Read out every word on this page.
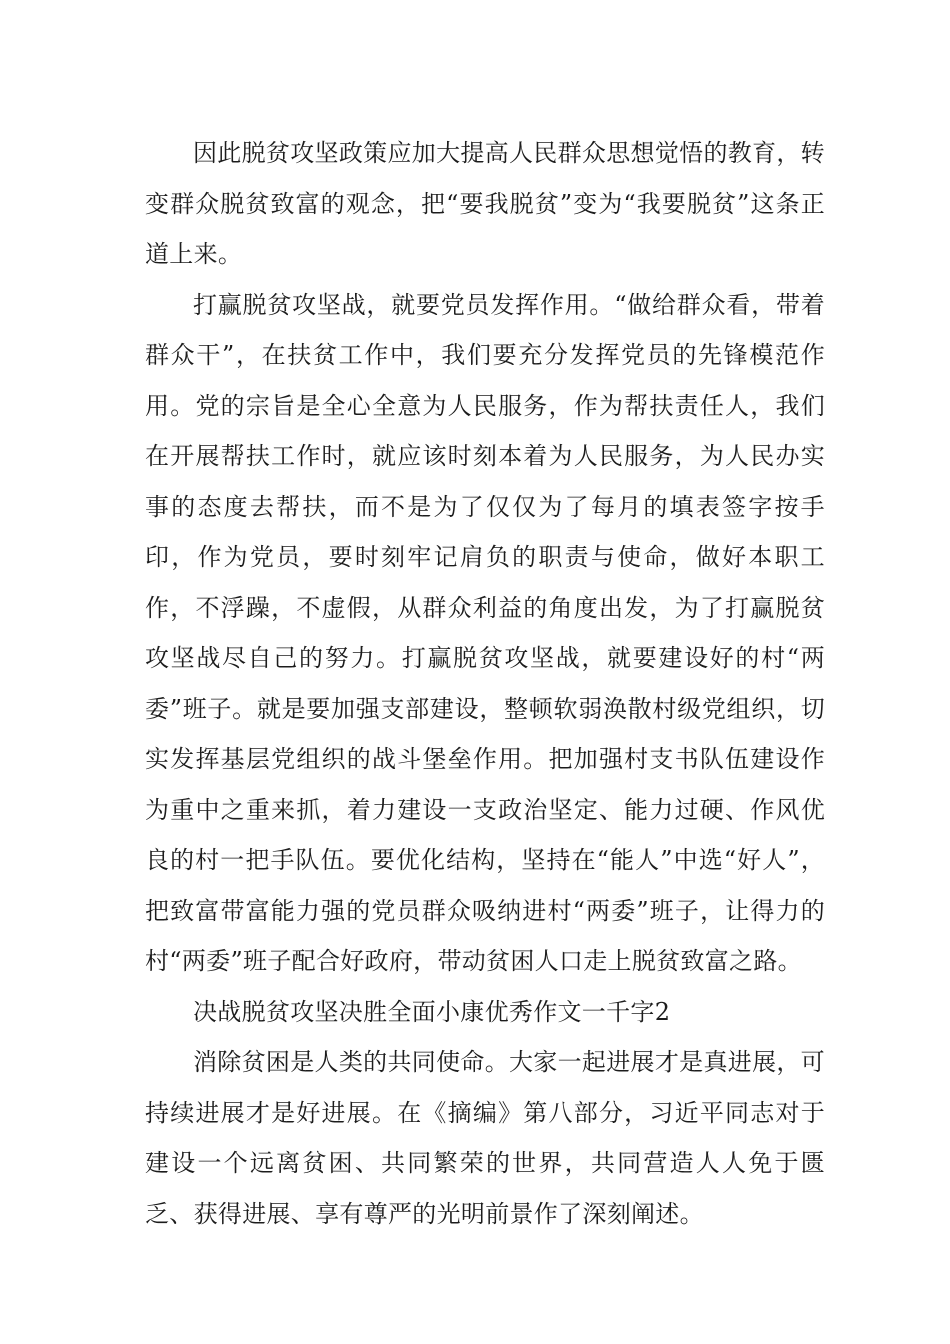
因此脱贫攻坚政策应加大提高人民群众思想觉悟的教育，转变群众脱贫致富的观念，把“要我脱贫”变为“我要脱贫”这条正道上来。

打赢脱贫攻坚战，就要党员发挥作用。“做给群众看，带着群众干”，在扶贫工作中，我们要充分发挥党员的先锋模范作用。党的宗旨是全心全意为人民服务，作为帮扶责任人，我们在开展帮扶工作时，就应该时刻本着为人民服务，为人民办实事的态度去帮扶，而不是为了仅仅为了每月的填表签字按手印，作为党员，要时刻牢记肩负的职责与使命，做好本职工作，不浮躁，不虚假，从群众利益的角度出发，为了打赢脱贫攻坚战尽自己的努力。打赢脱贫攻坚战，就要建设好的村“两委”班子。就是要加强支部建设，整顿软弱涣散村级党组织，切实发挥基层党组织的战斗堡垒作用。把加强村支书队伍建设作为重中之重来抓，着力建设一支政治坚定、能力过硬、作风优良的村一把手队伍。要优化结构，坚持在“能人”中选“好人”，把致富带富能力强的党员群众吸纳进村“两委”班子，让得力的村“两委”班子配合好政府，带动贫困人口走上脱贫致富之路。

决战脱贫攻坚决胜全面小康优秀作文一千字2

消除贫困是人类的共同使命。大家一起进展才是真进展，可持续进展才是好进展。在《摘编》第八部分，习近平同志对于建设一个远离贫困、共同繁荣的世界，共同营造人人免于匮乏、获得进展、享有尊严的光明前景作了深刻阐述。
